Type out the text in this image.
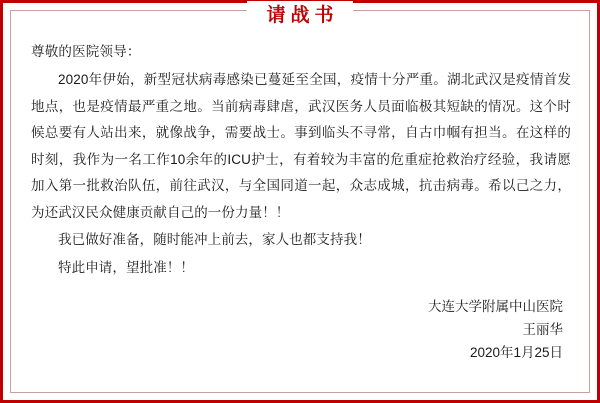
请战书
尊敬的医院领导：
2020年伊始，新型冠状病毒感染已蔓延至全国，疫情十分严重。湖北武汉是疫情首发地点，也是疫情最严重之地。当前病毒肆虐，武汉医务人员面临极其短缺的情况。这个时候总要有人站出来，就像战争，需要战士。事到临头不寻常，自古巾帼有担当。在这样的时刻，我作为一名工作10余年的ICU护士，有着较为丰富的危重症抢救治疗经验，我请愿加入第一批救治队伍，前往武汉，与全国同道一起，众志成城，抗击病毒。希以己之力，为还武汉民众健康贡献自己的一份力量！！
我已做好准备，随时能冲上前去，家人也都支持我！
特此申请，望批准！！
大连大学附属中山医院
王丽华
2020年1月25日
